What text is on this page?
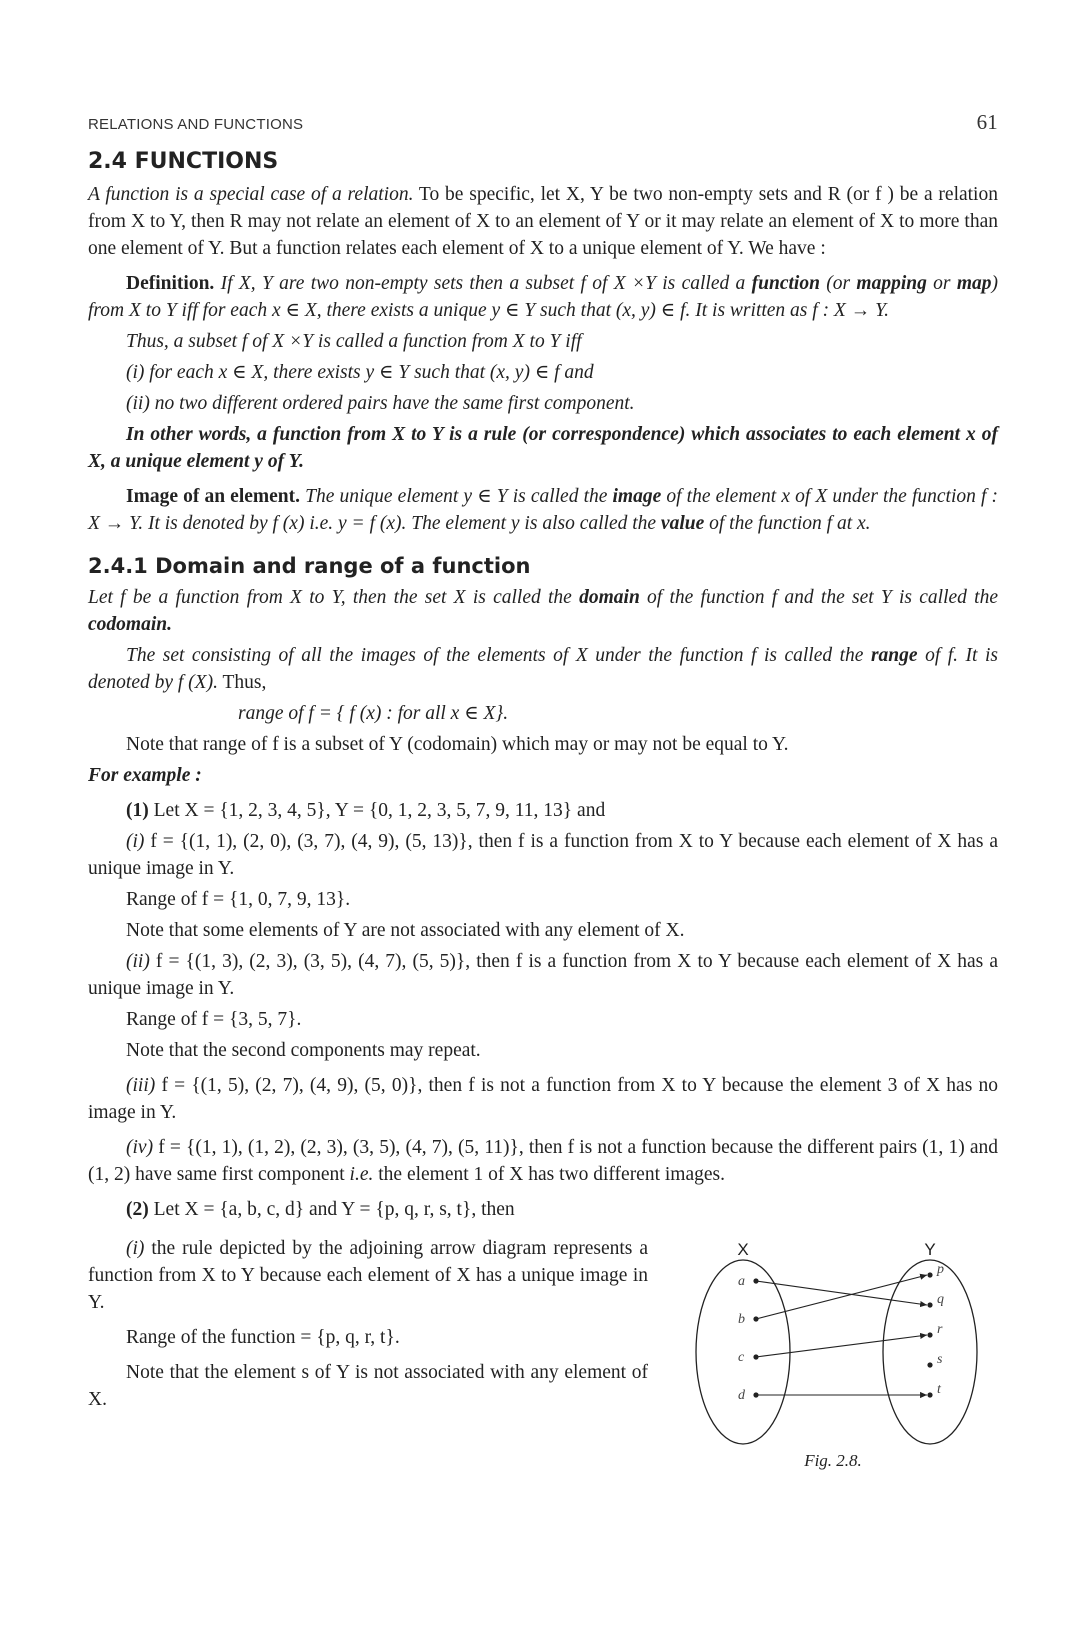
RELATIONS AND FUNCTIONS	61
2.4 FUNCTIONS

A function is a special case of a relation. To be specific, let X, Y be two non-empty sets and R (or f ) be a relation from X to Y, then R may not relate an element of X to an element of Y or it may relate an element of X to more than one element of Y. But a function relates each element of X to a unique element of Y. We have :

Definition. If X, Y are two non-empty sets then a subset f of X ×Y is called a function (or mapping or map) from X to Y iff for each x ∈ X, there exists a unique y ∈ Y such that (x, y) ∈ f. It is written as f : X → Y.

Thus, a subset f of X ×Y is called a function from X to Y iff

(i) for each x ∈ X, there exists y ∈ Y such that (x, y) ∈ f and

(ii) no two different ordered pairs have the same first component.

In other words, a function from X to Y is a rule (or correspondence) which associates to each element x of X, a unique element y of Y.

Image of an element. The unique element y ∈ Y is called the image of the element x of X under the function f : X → Y. It is denoted by f (x) i.e. y = f (x). The element y is also called the value of the function f at x.

2.4.1 Domain and range of a function

Let f be a function from X to Y, then the set X is called the domain of the function f and the set Y is called the codomain.

The set consisting of all the images of the elements of X under the function f is called the range of f. It is denoted by f (X). Thus,

range of f = { f (x) : for all x ∈ X}.

Note that range of f is a subset of Y (codomain) which may or may not be equal to Y.

For example :

(1) Let X = {1, 2, 3, 4, 5}, Y = {0, 1, 2, 3, 5, 7, 9, 11, 13} and

(i) f = {(1, 1), (2, 0), (3, 7), (4, 9), (5, 13)}, then f is a function from X to Y because each element of X has a unique image in Y.

Range of f = {1, 0, 7, 9, 13}.

Note that some elements of Y are not associated with any element of X.

(ii) f = {(1, 3), (2, 3), (3, 5), (4, 7), (5, 5)}, then f is a function from X to Y because each element of X has a unique image in Y.

Range of f = {3, 5, 7}.

Note that the second components may repeat.

(iii) f = {(1, 5), (2, 7), (4, 9), (5, 0)}, then f is not a function from X to Y because the element 3 of X has no image in Y.

(iv) f = {(1, 1), (1, 2), (2, 3), (3, 5), (4, 7), (5, 11)}, then f is not a function because the different pairs (1, 1) and (1, 2) have same first component i.e. the element 1 of X has two different images.

(2) Let X = {a, b, c, d} and Y = {p, q, r, s, t}, then

(i) the rule depicted by the adjoining arrow diagram represents a function from X to Y because each element of X has a unique image in Y.

Range of the function = {p, q, r, t}.

Note that the element s of Y is not associated with any element of X.

X	Y
a
b
c
d
p
q
r
s
t
Fig. 2.8.
